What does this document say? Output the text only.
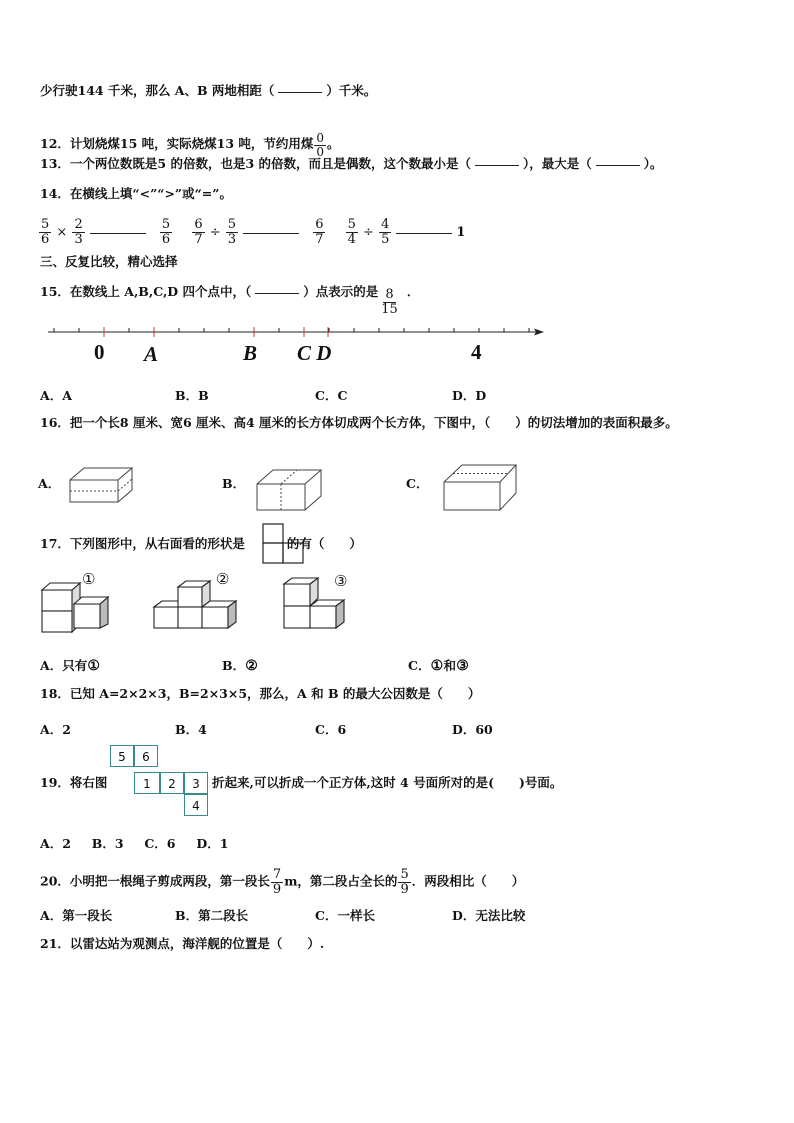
少行驶144 千米，那么 A、B 两地相距（	）千米。
12．计划烧煤15 吨，实际烧煤13 吨，节约用煤 $\frac{0}{0}$ 。
13．一个两位数既是5 的倍数，也是3 的倍数，而且是偶数，这个数最小是（	），最大是（	）。
14．在横线上填“<”“>”或“=”。
$\frac{5}{6} \times \frac{2}{3}$
	$\frac{5}{6}$
$\frac{6}{7} \div \frac{5}{3}$
	$\frac{6}{7}$
$\frac{5}{4} \div \frac{4}{5}$	1
三、反复比较，精心选择
15．在数线上 A,B,C,D 四个点中，（	）点表示的是 $\frac{8}{15}$ ．
0 A	B C D	4
A．A	B．B	C．C	D．D
16．把一个长8 厘米、宽6 厘米、高4 厘米的长方体切成两个长方体，下图中，（　　）的切法增加的表面积最多。
A．	B．	C．
17．下列图形中，从右面看的形状是	的有（　　）
①	②	③
A．只有①	B．②	C．①和③
18．已知 A=2×2×3，B=2×3×5，那么，A 和 B 的最大公因数是（　　）
A．2	B．4	C．6	D．60
5	6
1	2	3
4
19．将右图	折起来,可以折成一个正方体,这时 4 号面所对的是(　　)号面。
A．2　 B．3　 C．6　 D．1
20．小明把一根绳子剪成两段，第一段长 $\frac{7}{9}$ m，第二段占全长的 $\frac{5}{9}$ ．两段相比（　　）
A．第一段长	B．第二段长	C．一样长	D．无法比较
21．以雷达站为观测点，海洋舰的位置是（　　）.
